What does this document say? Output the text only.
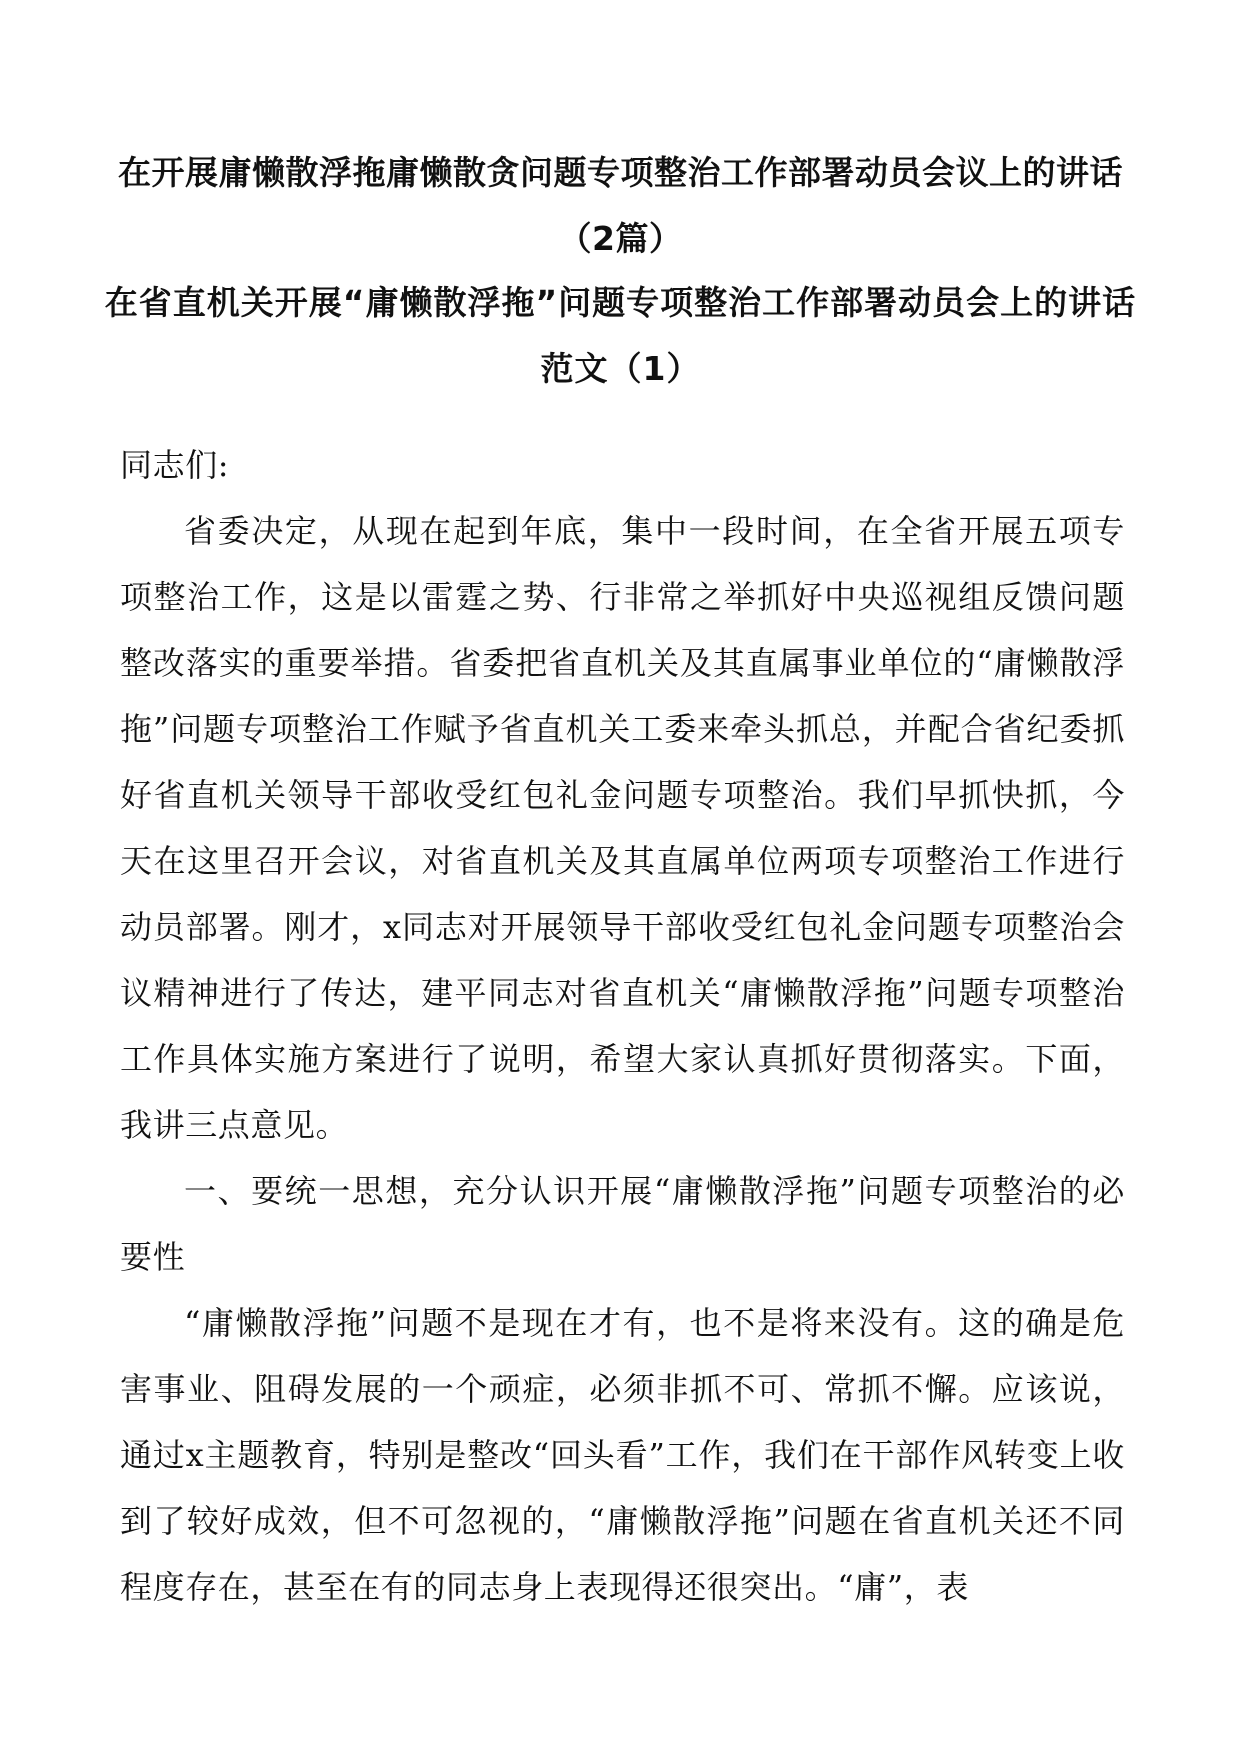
在开展庸懒散浮拖庸懒散贪问题专项整治工作部署动员会议上的讲话（2篇）
在省直机关开展“庸懒散浮拖”问题专项整治工作部署动员会上的讲话范文（1）

同志们:

省委决定，从现在起到年底，集中一段时间，在全省开展五项专项整治工作，这是以雷霆之势、行非常之举抓好中央巡视组反馈问题整改落实的重要举措。省委把省直机关及其直属事业单位的“庸懒散浮拖”问题专项整治工作赋予省直机关工委来牵头抓总，并配合省纪委抓好省直机关领导干部收受红包礼金问题专项整治。我们早抓快抓，今天在这里召开会议，对省直机关及其直属单位两项专项整治工作进行动员部署。刚才，x同志对开展领导干部收受红包礼金问题专项整治会议精神进行了传达，建平同志对省直机关“庸懒散浮拖”问题专项整治工作具体实施方案进行了说明，希望大家认真抓好贯彻落实。下面，我讲三点意见。

一、要统一思想，充分认识开展“庸懒散浮拖”问题专项整治的必要性

“庸懒散浮拖”问题不是现在才有，也不是将来没有。这的确是危害事业、阻碍发展的一个顽症，必须非抓不可、常抓不懈。应该说，通过x主题教育，特别是整改“回头看”工作，我们在干部作风转变上收到了较好成效，但不可忽视的，“庸懒散浮拖”问题在省直机关还不同程度存在，甚至在有的同志身上表现得还很突出。“庸”，表
